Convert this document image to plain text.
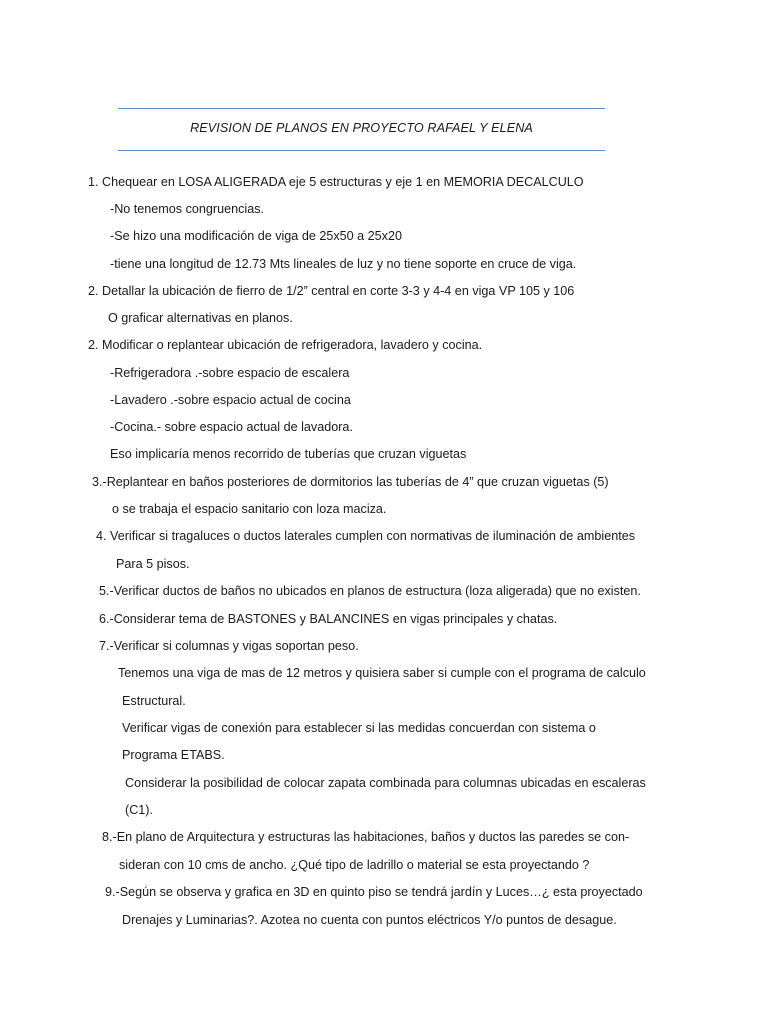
REVISION DE PLANOS EN PROYECTO RAFAEL Y ELENA
1. Chequear en LOSA ALIGERADA eje 5 estructuras y eje 1 en MEMORIA DECALCULO
-No tenemos congruencias.
-Se hizo una modificación de viga de 25x50 a 25x20
-tiene una longitud de 12.73 Mts lineales de luz y no tiene soporte en cruce de viga.
2. Detallar la ubicación de fierro de 1/2” central en corte 3-3 y 4-4 en viga VP 105 y 106
O graficar alternativas en planos.
2. Modificar o replantear ubicación de refrigeradora, lavadero y cocina.
-Refrigeradora .-sobre espacio de escalera
-Lavadero .-sobre espacio actual de cocina
-Cocina.- sobre espacio actual de lavadora.
Eso implicaría menos recorrido de tuberías que cruzan viguetas
3.-Replantear en baños posteriores de dormitorios las tuberías de 4” que cruzan viguetas (5)
o se trabaja el espacio sanitario con loza maciza.
4. Verificar si tragaluces o ductos laterales cumplen con normativas de iluminación de ambientes
Para 5 pisos.
5.-Verificar ductos de baños no ubicados en planos de estructura (loza aligerada) que no existen.
6.-Considerar tema de BASTONES y BALANCINES en vigas principales y chatas.
7.-Verificar si columnas y vigas soportan peso.
Tenemos una viga de mas de 12 metros y quisiera saber si cumple con el programa de calculo
Estructural.
Verificar vigas de conexión para establecer si las medidas concuerdan con sistema o
Programa ETABS.
Considerar la posibilidad de colocar zapata combinada para columnas ubicadas en escaleras
(C1).
8.-En plano de Arquitectura y estructuras las habitaciones, baños y ductos las paredes se con-
sideran con 10 cms de ancho. ¿Qué tipo de ladrillo o material se esta proyectando ?
9.-Según se observa y grafica en 3D en quinto piso se tendrá jardín y Luces…¿ esta proyectado
Drenajes y Luminarias?. Azotea no cuenta con puntos eléctricos Y/o puntos de desague.
